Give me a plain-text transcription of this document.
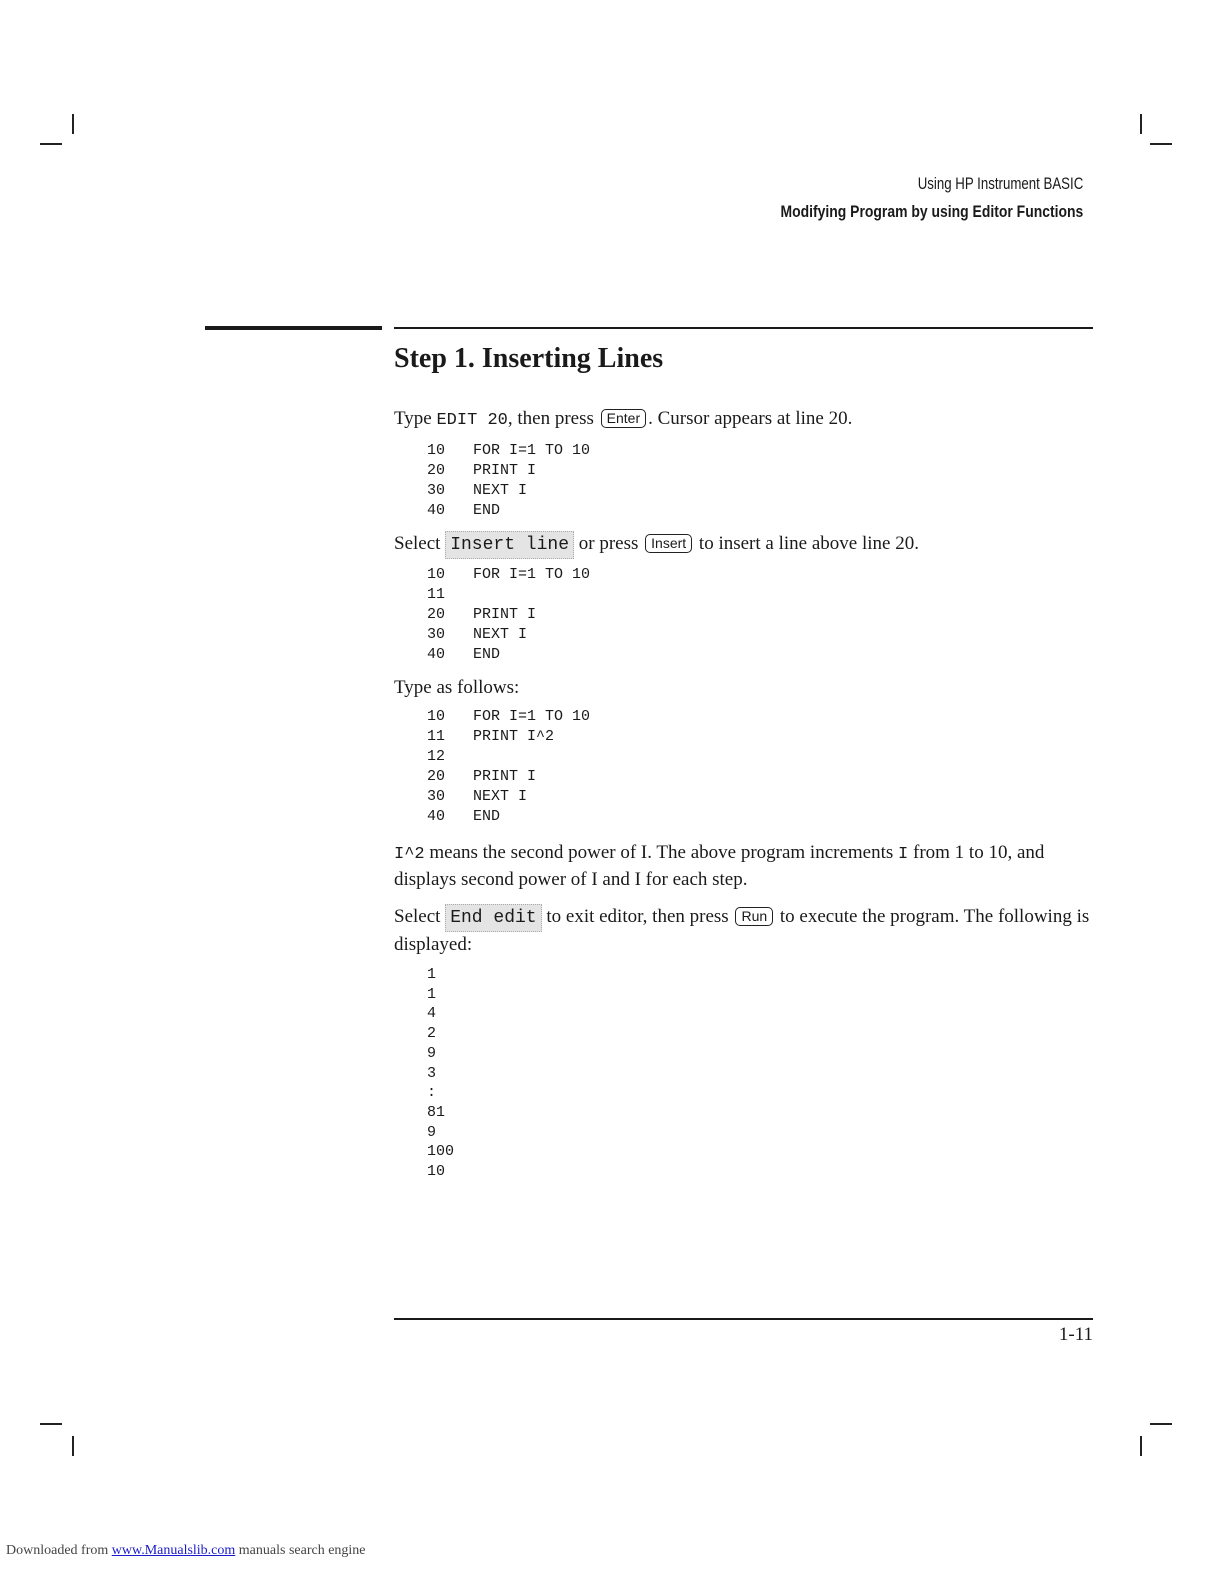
Using HP Instrument BASIC
Modifying Program by using Editor Functions
Step 1. Inserting Lines

Type EDIT 20, then press Enter . Cursor appears at line 20.

10	FOR I=1 TO 10
20	PRINT I
30	NEXT I
40	END

Select Insert line or press Insert to insert a line above line 20.

10	FOR I=1 TO 10
11
20	PRINT I
30	NEXT I
40	END

Type as follows:

10	FOR I=1 TO 10
11	PRINT I^2
12
20	PRINT I
30	NEXT I
40	END

I^2 means the second power of I. The above program increments I from 1 to 10, and displays second power of I and I for each step.

Select End edit to exit editor, then press Run to execute the program. The following is displayed:

1
1
4
2
9
3
:
81
9
100
10
1-11
Downloaded from www.Manualslib.com manuals search engine
